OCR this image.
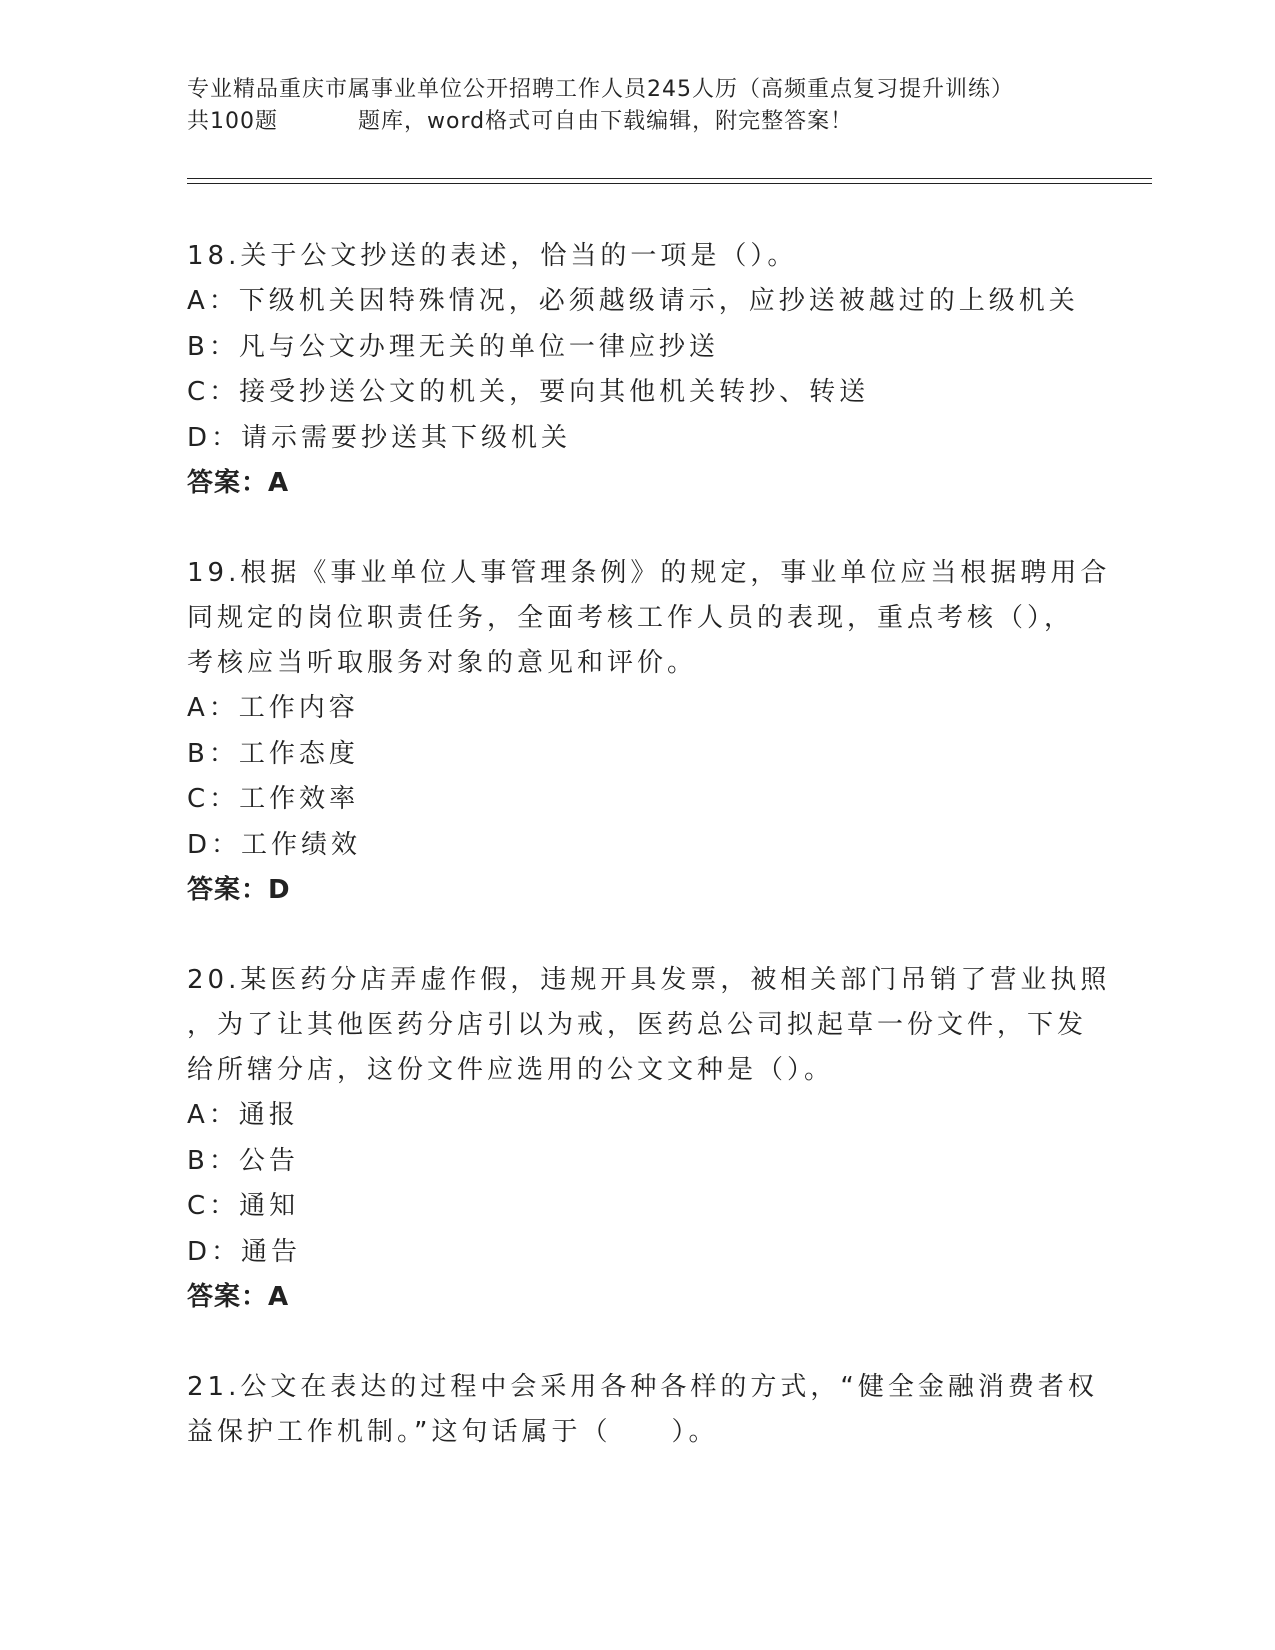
专业精品重庆市属事业单位公开招聘工作人员245人历（高频重点复习提升训练）
共100题	题库，word格式可自由下载编辑，附完整答案！
18.关于公文抄送的表述，恰当的一项是（）。
A：下级机关因特殊情况，必须越级请示，应抄送被越过的上级机关
B：凡与公文办理无关的单位一律应抄送
C：接受抄送公文的机关，要向其他机关转抄、转送
D：请示需要抄送其下级机关
答案：A
19.根据《事业单位人事管理条例》的规定，事业单位应当根据聘用合
同规定的岗位职责任务，全面考核工作人员的表现，重点考核（），
考核应当听取服务对象的意见和评价。
A：工作内容
B：工作态度
C：工作效率
D：工作绩效
答案：D
20.某医药分店弄虚作假，违规开具发票，被相关部门吊销了营业执照
，为了让其他医药分店引以为戒，医药总公司拟起草一份文件，下发
给所辖分店，这份文件应选用的公文文种是（）。
A：通报
B：公告
C：通知
D：通告
答案：A
21.公文在表达的过程中会采用各种各样的方式，“健全金融消费者权
益保护工作机制。”这句话属于（　　）。
